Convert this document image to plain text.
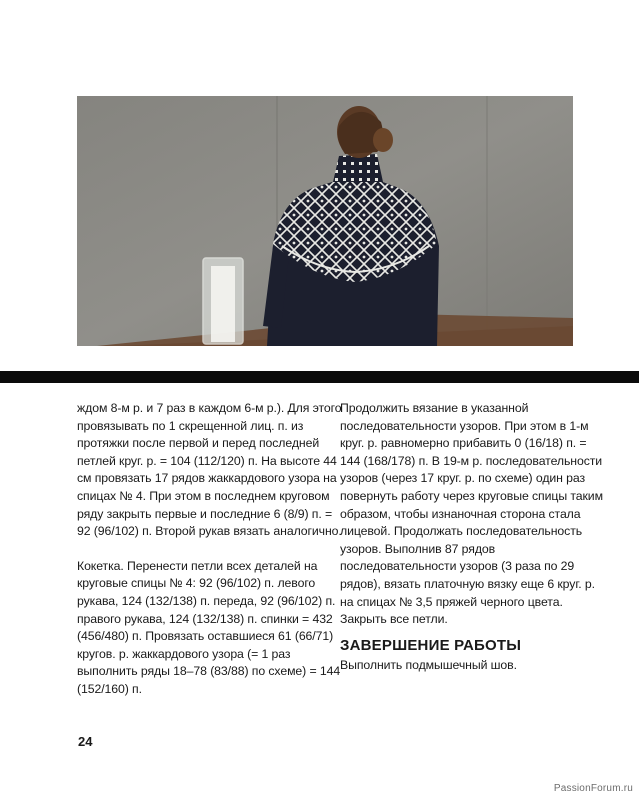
ждом 8-м р. и 7 раз в каждом 6-м р.). Для этого провязывать по 1 скрещенной лиц. п. из протяжки после первой и перед последней петлей круг. р. = 104 (112/120) п. На высоте 44 см провязать 17 рядов жаккардового узора на спицах № 4. При этом в последнем круговом ряду закрыть первые и последние 6 (8/9) п. = 92 (96/102) п. Второй рукав вязать аналогично.

Кокетка. Перенести петли всех деталей на круговые спицы № 4: 92 (96/102) п. левого рукава, 124 (132/138) п. переда, 92 (96/102) п. правого рукава, 124 (132/138) п. спинки = 432 (456/480) п. Провязать оставшиеся 61 (66/71) кругов. р. жаккардового узора (= 1 раз выполнить ряды 18–78 (83/88) по схеме) = 144 (152/160) п.

Продолжить вязание в указанной последовательности узоров. При этом в 1-м круг. р. равномерно прибавить 0 (16/18) п. = 144 (168/178) п. В 19-м р. последовательности узоров (через 17 круг. р. по схеме) один раз повернуть работу через круговые спицы таким образом, чтобы изнаночная сторона стала лицевой. Продолжать последовательность узоров. Выполнив 87 рядов последовательности узоров (3 раза по 29 рядов), вязать платочную вязку еще 6 круг. р. на спицах № 3,5 пряжей черного цвета. Закрыть все петли.

ЗАВЕРШЕНИЕ РАБОТЫ

Выполнить подмышечный шов.

24
PassionForum.ru
